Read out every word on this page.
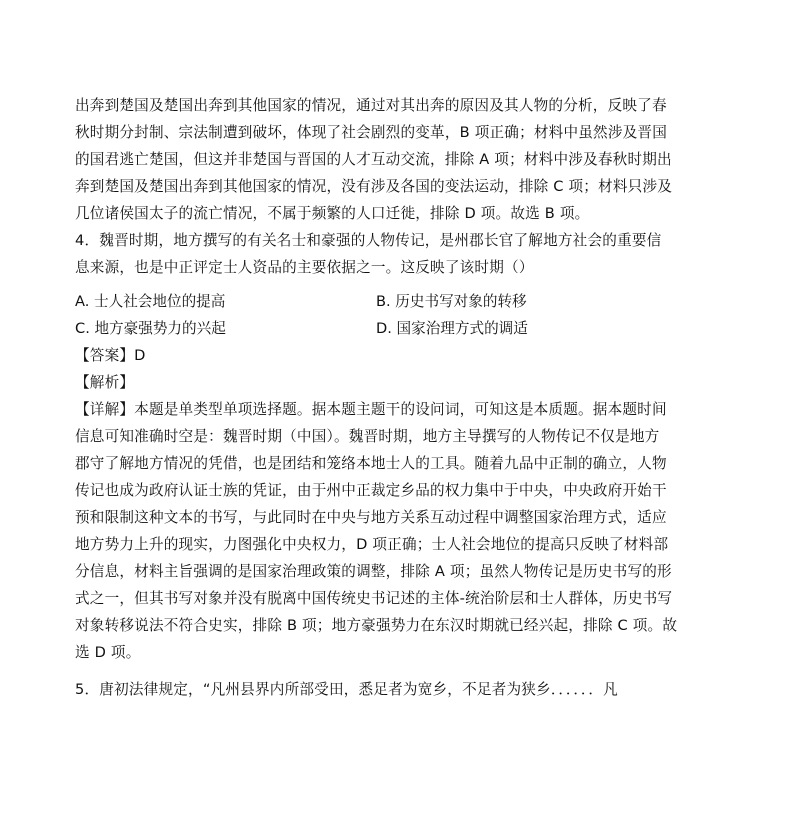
出奔到楚国及楚国出奔到其他国家的情况，通过对其出奔的原因及其人物的分析，反映了春
秋时期分封制、宗法制遭到破坏，体现了社会剧烈的变革，B 项正确；材料中虽然涉及晋国
的国君逃亡楚国，但这并非楚国与晋国的人才互动交流，排除 A 项；材料中涉及春秋时期出
奔到楚国及楚国出奔到其他国家的情况，没有涉及各国的变法运动，排除 C 项；材料只涉及
几位诸侯国太子的流亡情况，不属于频繁的人口迁徙，排除 D 项。故选 B 项。
4．魏晋时期，地方撰写的有关名士和豪强的人物传记，是州郡长官了解地方社会的重要信
息来源，也是中正评定士人资品的主要依据之一。这反映了该时期（）
A. 士人社会地位的提高	B. 历史书写对象的转移
C. 地方豪强势力的兴起	D. 国家治理方式的调适
【答案】D
【解析】
【详解】本题是单类型单项选择题。据本题主题干的设问词，可知这是本质题。据本题时间
信息可知准确时空是：魏晋时期（中国）。魏晋时期，地方主导撰写的人物传记不仅是地方
郡守了解地方情况的凭借，也是团结和笼络本地士人的工具。随着九品中正制的确立，人物
传记也成为政府认证士族的凭证，由于州中正裁定乡品的权力集中于中央，中央政府开始干
预和限制这种文本的书写，与此同时在中央与地方关系互动过程中调整国家治理方式，适应
地方势力上升的现实，力图强化中央权力，D 项正确；士人社会地位的提高只反映了材料部
分信息，材料主旨强调的是国家治理政策的调整，排除 A 项；虽然人物传记是历史书写的形
式之一，但其书写对象并没有脱离中国传统史书记述的主体-统治阶层和士人群体，历史书写
对象转移说法不符合史实，排除 B 项；地方豪强势力在东汉时期就已经兴起，排除 C 项。故
选 D 项。
5．唐初法律规定，“凡州县界内所部受田，悉足者为宽乡，不足者为狭乡．．．．．．凡
